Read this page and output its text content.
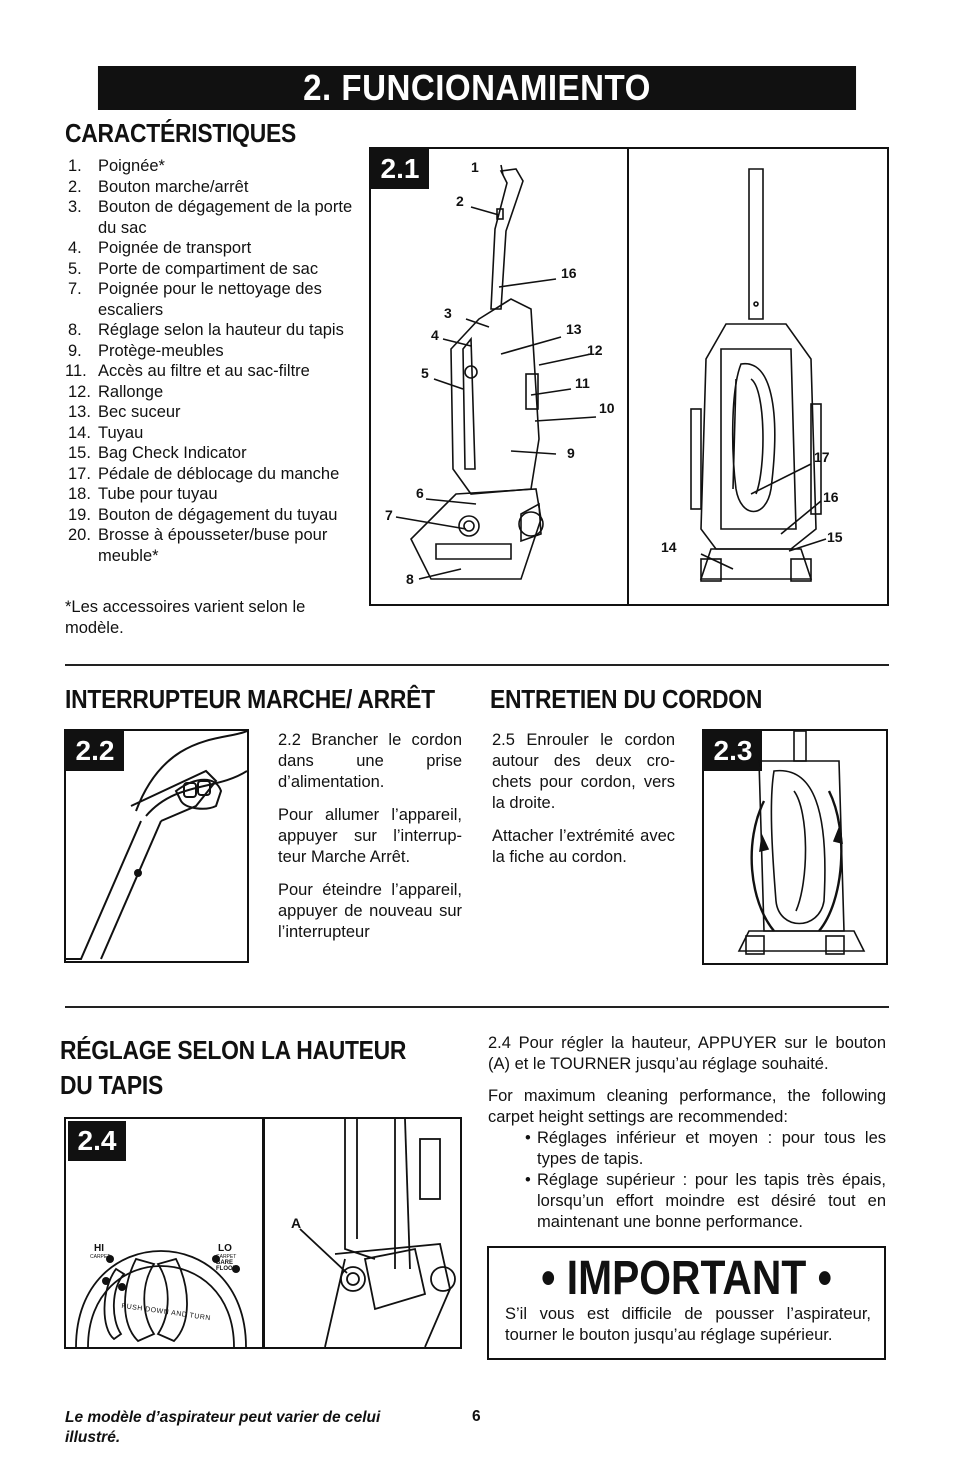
2. FUNCIONAMIENTO
CARACTÉRISTIQUES
1. Poignée*
2. Bouton marche/arrêt
3. Bouton de dégagement de la porte du sac
4. Poignée de transport
5. Porte de compartiment de sac
7. Poignée pour le nettoyage des escaliers
8. Réglage selon la hauteur du tapis
9. Protège-meubles
11. Accès au filtre et au sac-filtre
12. Rallonge
13. Bec suceur
14. Tuyau
15. Bag Check Indicator
17. Pédale de déblocage du manche
18. Tube pour tuyau
19. Bouton de dégagement du tuyau
20. Brosse à épousseter/buse pour meuble*
*Les accessoires varient selon le modèle.
2.1	1
2
16
3
13
4
12
5
11
10
9
6
7
8
17
16
15
14
INTERRUPTEUR MARCHE/ ARRÊT
2.2	2.2 Brancher le cordon dans une prise d’alimentation.

Pour allumer l’appareil, appuyer sur l’interrup-teur Marche Arrêt.

Pour éteindre l’appareil, appuyer de nouveau sur l’interrupteur

ENTRETIEN DU CORDON

2.5 Enrouler le cordon autour des deux cro-chets pour cordon, vers la droite.

Attacher l’extrémité avec la fiche au cordon.

2.3
RÉGLAGE SELON LA HAUTEUR
DU TAPIS
2.4
HI
CARPET
LO
CARPET
BARE FLOOR
PUSH DOWN AND TURN
A
2.4 Pour régler la hauteur, APPUYER sur le bouton (A) et le TOURNER jusqu’au réglage souhaité.
For maximum cleaning performance, the following carpet height settings are recommended:
• Réglages inférieur et moyen : pour tous les types de tapis.
• Réglage supérieur : pour les tapis très épais, lorsqu’un effort moindre est désiré tout en maintenant une bonne performance.
• IMPORTANT •
S’il vous est difficile de pousser l’aspirateur, tourner le bouton jusqu’au réglage supérieur.
Le modèle d’aspirateur peut varier de celui illustré.
6
